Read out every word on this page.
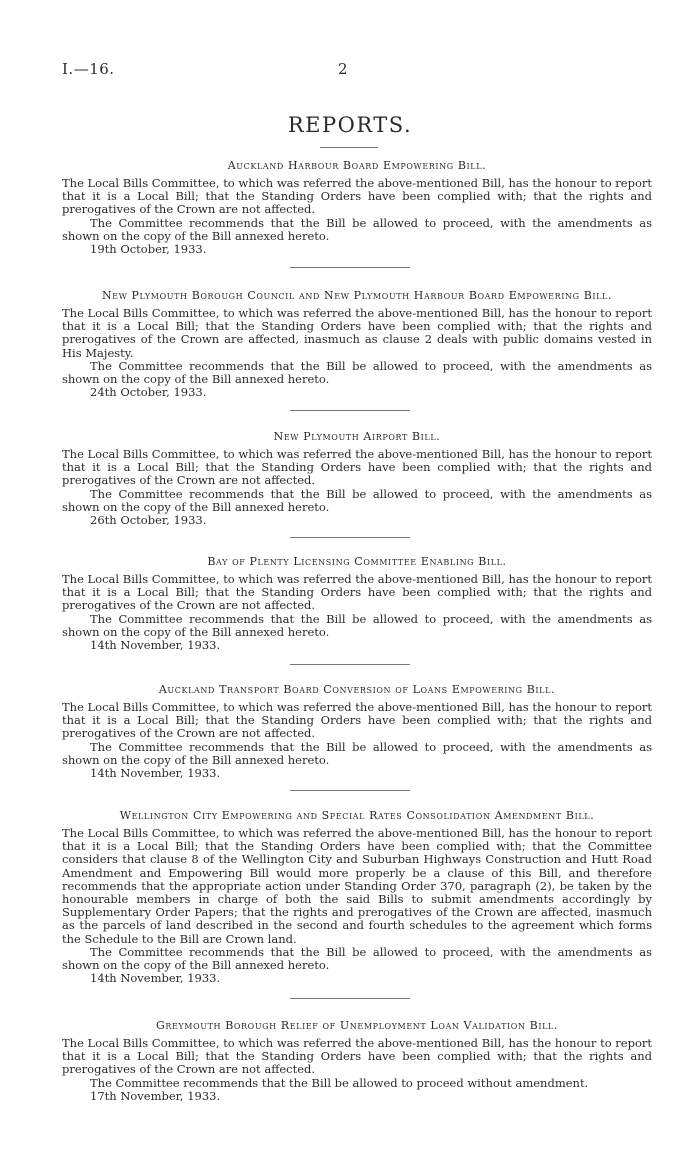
I.—16.	2
REPORTS.
Auckland Harbour Board Empowering Bill.

The Local Bills Committee, to which was referred the above-mentioned Bill, has the honour to report that it is a Local Bill; that the Standing Orders have been complied with; that the rights and prerogatives of the Crown are not affected.

The Committee recommends that the Bill be allowed to proceed, with the amendments as shown on the copy of the Bill annexed hereto.

19th October, 1933.

New Plymouth Borough Council and New Plymouth Harbour Board Empowering Bill.

The Local Bills Committee, to which was referred the above-mentioned Bill, has the honour to report that it is a Local Bill; that the Standing Orders have been complied with; that the rights and prerogatives of the Crown are affected, inasmuch as clause 2 deals with public domains vested in His Majesty.

The Committee recommends that the Bill be allowed to proceed, with the amendments as shown on the copy of the Bill annexed hereto.

24th October, 1933.

New Plymouth Airport Bill.

The Local Bills Committee, to which was referred the above-mentioned Bill, has the honour to report that it is a Local Bill; that the Standing Orders have been complied with; that the rights and prerogatives of the Crown are not affected.

The Committee recommends that the Bill be allowed to proceed, with the amendments as shown on the copy of the Bill annexed hereto.

26th October, 1933.

Bay of Plenty Licensing Committee Enabling Bill.

The Local Bills Committee, to which was referred the above-mentioned Bill, has the honour to report that it is a Local Bill; that the Standing Orders have been complied with; that the rights and prerogatives of the Crown are not affected.

The Committee recommends that the Bill be allowed to proceed, with the amendments as shown on the copy of the Bill annexed hereto.

14th November, 1933.

Auckland Transport Board Conversion of Loans Empowering Bill.

The Local Bills Committee, to which was referred the above-mentioned Bill, has the honour to report that it is a Local Bill; that the Standing Orders have been complied with; that the rights and prerogatives of the Crown are not affected.

The Committee recommends that the Bill be allowed to proceed, with the amendments as shown on the copy of the Bill annexed hereto.

14th November, 1933.

Wellington City Empowering and Special Rates Consolidation Amendment Bill.

The Local Bills Committee, to which was referred the above-mentioned Bill, has the honour to report that it is a Local Bill; that the Standing Orders have been complied with; that the Committee considers that clause 8 of the Wellington City and Suburban Highways Construction and Hutt Road Amendment and Empowering Bill would more properly be a clause of this Bill, and therefore recommends that the appropriate action under Standing Order 370, paragraph (2), be taken by the honourable members in charge of both the said Bills to submit amendments accordingly by Supplementary Order Papers; that the rights and prerogatives of the Crown are affected, inasmuch as the parcels of land described in the second and fourth schedules to the agreement which forms the Schedule to the Bill are Crown land.

The Committee recommends that the Bill be allowed to proceed, with the amendments as shown on the copy of the Bill annexed hereto.

14th November, 1933.

Greymouth Borough Relief of Unemployment Loan Validation Bill.

The Local Bills Committee, to which was referred the above-mentioned Bill, has the honour to report that it is a Local Bill; that the Standing Orders have been complied with; that the rights and prerogatives of the Crown are not affected.

The Committee recommends that the Bill be allowed to proceed without amendment.

17th November, 1933.
